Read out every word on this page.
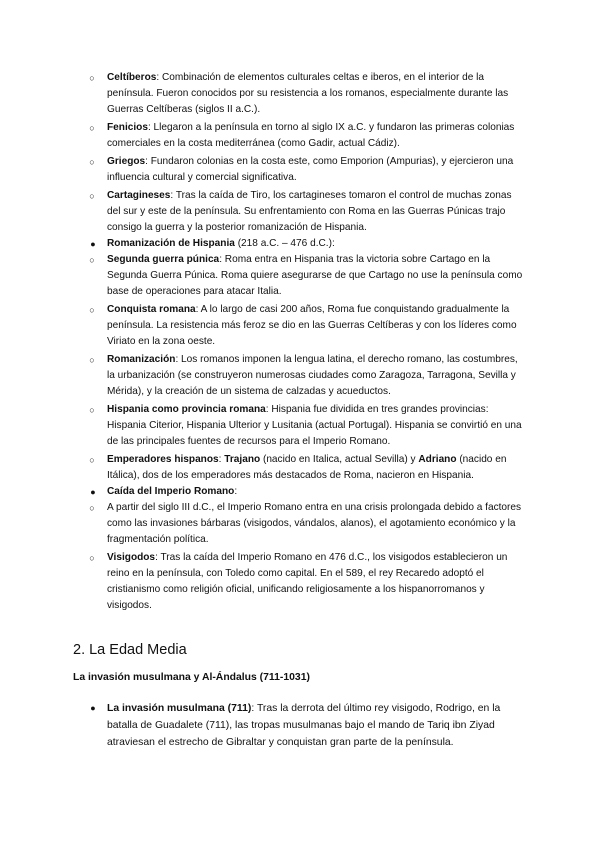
○ Celtíberos: Combinación de elementos culturales celtas e iberos, en el interior de la península. Fueron conocidos por su resistencia a los romanos, especialmente durante las Guerras Celtíberas (siglos II a.C.).
○ Fenicios: Llegaron a la península en torno al siglo IX a.C. y fundaron las primeras colonias comerciales en la costa mediterránea (como Gadir, actual Cádiz).
○ Griegos: Fundaron colonias en la costa este, como Emporion (Ampurias), y ejercieron una influencia cultural y comercial significativa.
○ Cartagineses: Tras la caída de Tiro, los cartagineses tomaron el control de muchas zonas del sur y este de la península. Su enfrentamiento con Roma en las Guerras Púnicas trajo consigo la guerra y la posterior romanización de Hispania.
● Romanización de Hispania (218 a.C. – 476 d.C.):
○ Segunda guerra púnica: Roma entra en Hispania tras la victoria sobre Cartago en la Segunda Guerra Púnica. Roma quiere asegurarse de que Cartago no use la península como base de operaciones para atacar Italia.
○ Conquista romana: A lo largo de casi 200 años, Roma fue conquistando gradualmente la península. La resistencia más feroz se dio en las Guerras Celtíberas y con los líderes como Viriato en la zona oeste.
○ Romanización: Los romanos imponen la lengua latina, el derecho romano, las costumbres, la urbanización (se construyeron numerosas ciudades como Zaragoza, Tarragona, Sevilla y Mérida), y la creación de un sistema de calzadas y acueductos.
○ Hispania como provincia romana: Hispania fue dividida en tres grandes provincias: Hispania Citerior, Hispania Ulterior y Lusitania (actual Portugal). Hispania se convirtió en una de las principales fuentes de recursos para el Imperio Romano.
○ Emperadores hispanos: Trajano (nacido en Italica, actual Sevilla) y Adriano (nacido en Itálica), dos de los emperadores más destacados de Roma, nacieron en Hispania.
● Caída del Imperio Romano:
○ A partir del siglo III d.C., el Imperio Romano entra en una crisis prolongada debido a factores como las invasiones bárbaras (visigodos, vándalos, alanos), el agotamiento económico y la fragmentación política.
○ Visigodos: Tras la caída del Imperio Romano en 476 d.C., los visigodos establecieron un reino en la península, con Toledo como capital. En el 589, el rey Recaredo adoptó el cristianismo como religión oficial, unificando religiosamente a los hispanorromanos y visigodos.
2. La Edad Media
La invasión musulmana y Al-Ándalus (711-1031)
● La invasión musulmana (711): Tras la derrota del último rey visigodo, Rodrigo, en la batalla de Guadalete (711), las tropas musulmanas bajo el mando de Tariq ibn Ziyad atraviesan el estrecho de Gibraltar y conquistan gran parte de la península.
